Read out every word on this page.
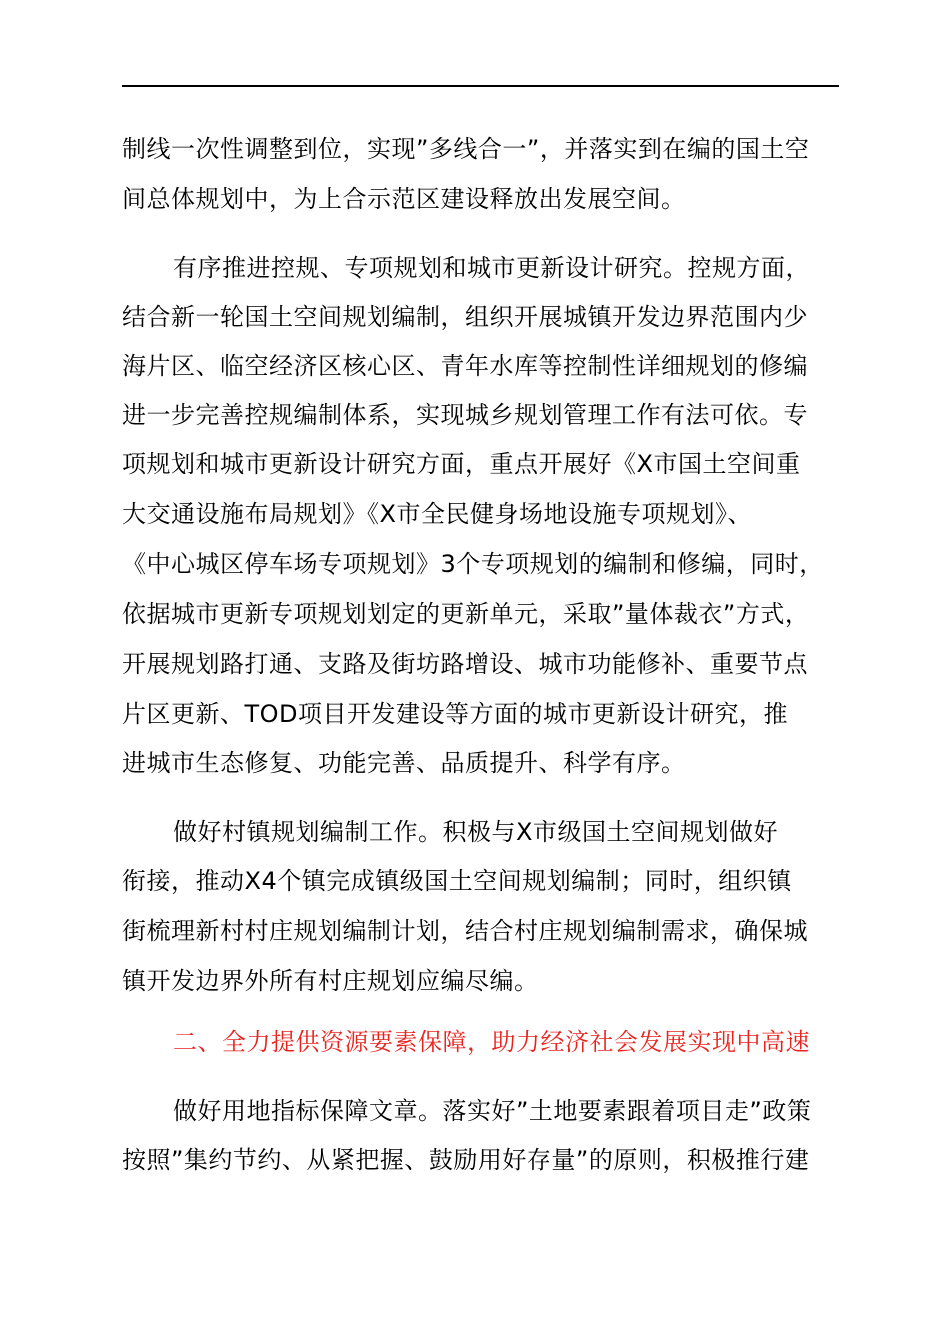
制线一次性调整到位，实现”多线合一”，并落实到在编的国土空
间总体规划中，为上合示范区建设释放出发展空间。
有序推进控规、专项规划和城市更新设计研究。控规方面，
结合新一轮国土空间规划编制，组织开展城镇开发边界范围内少
海片区、临空经济区核心区、青年水库等控制性详细规划的修编
进一步完善控规编制体系，实现城乡规划管理工作有法可依。专
项规划和城市更新设计研究方面，重点开展好《X市国土空间重
大交通设施布局规划》《X市全民健身场地设施专项规划》、
《中心城区停车场专项规划》3个专项规划的编制和修编，同时，
依据城市更新专项规划划定的更新单元，采取”量体裁衣”方式，
开展规划路打通、支路及街坊路增设、城市功能修补、重要节点
片区更新、TOD项目开发建设等方面的城市更新设计研究，推
进城市生态修复、功能完善、品质提升、科学有序。
做好村镇规划编制工作。积极与X市级国土空间规划做好
衔接，推动X4个镇完成镇级国土空间规划编制；同时，组织镇
街梳理新村村庄规划编制计划，结合村庄规划编制需求，确保城
镇开发边界外所有村庄规划应编尽编。
二、全力提供资源要素保障，助力经济社会发展实现中高速
做好用地指标保障文章。落实好”土地要素跟着项目走”政策
按照”集约节约、从紧把握、鼓励用好存量”的原则，积极推行建
